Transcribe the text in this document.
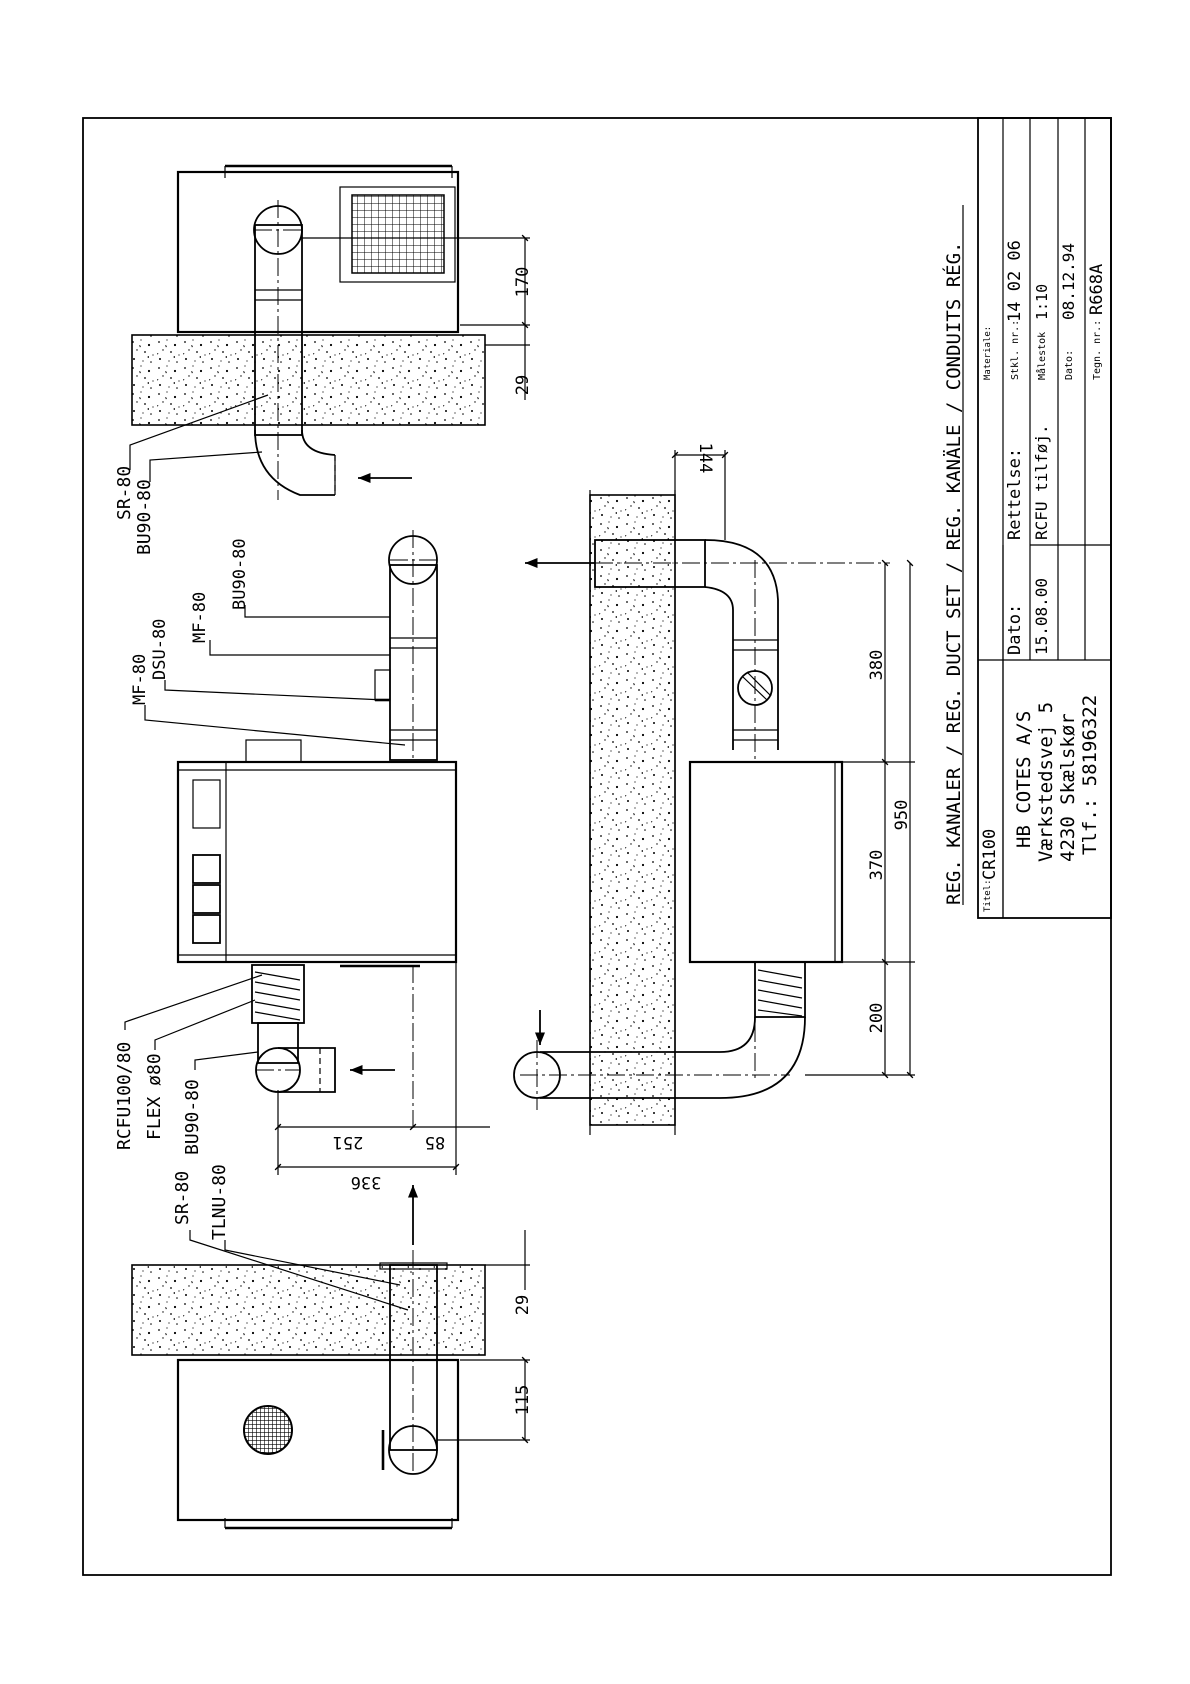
170
29
SR-80 BU90-80
251	85
336
MF-80 DSU-80
MF-80
BU90-80
RCFU100/80 FLEX ø80 BU90-80
29
115
TLNU-80
SR-80
144
380
950
370
200
REG. KANALER / REG. DUCT SET / REG. KANÄLE / CONDUITS RÉG. Materiale: Stkl. nr.:
14 02 06
Målestok
1:10
Dato:
08.12.94
Tegn. nr.:
R668A
Dato: 15.08.00
Rettelse: RCFU tilføj.
Titel:
CR100
HB COTES A/S Værkstedsvej 5 4230 Skælskør Tlf.: 58196322
